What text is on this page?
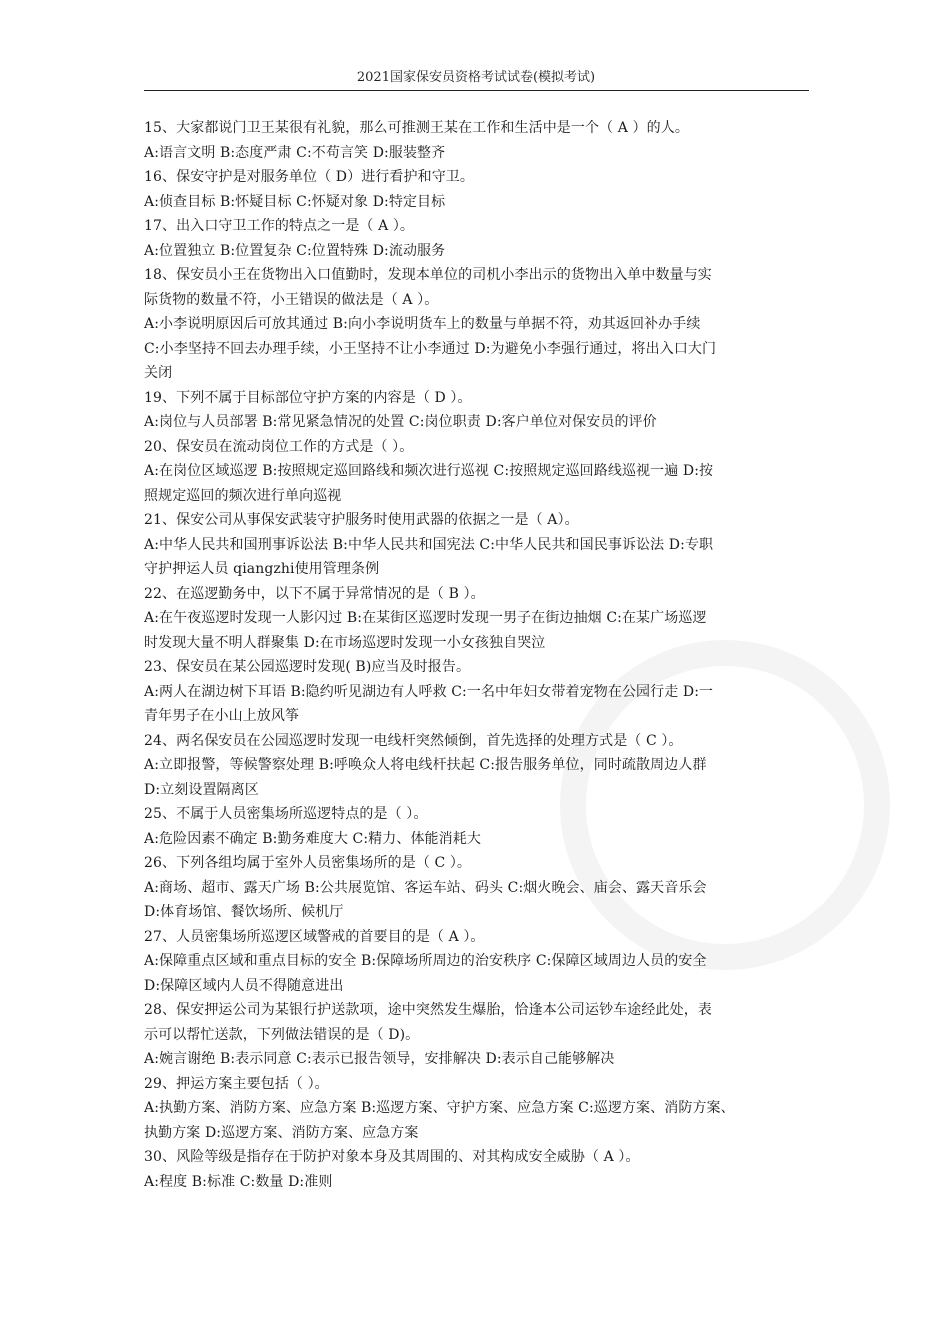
2021国家保安员资格考试试卷(模拟考试)
15、大家都说门卫王某很有礼貌，那么可推测王某在工作和生活中是一个（ A ）的人。
A:语言文明 B:态度严肃 C:不苟言笑 D:服装整齐
16、保安守护是对服务单位（ D）进行看护和守卫。
A:侦查目标 B:怀疑目标 C:怀疑对象 D:特定目标
17、出入口守卫工作的特点之一是（ A ）。
A:位置独立 B:位置复杂 C:位置特殊 D:流动服务
18、保安员小王在货物出入口值勤时，发现本单位的司机小李出示的货物出入单中数量与实
际货物的数量不符，小王错误的做法是（ A ）。
A:小李说明原因后可放其通过 B:向小李说明货车上的数量与单据不符，劝其返回补办手续
C:小李坚持不回去办理手续，小王坚持不让小李通过 D:为避免小李强行通过，将出入口大门
关闭
19、下列不属于目标部位守护方案的内容是（ D ）。
A:岗位与人员部署 B:常见紧急情况的处置 C:岗位职责 D:客户单位对保安员的评价
20、保安员在流动岗位工作的方式是（ ）。
A:在岗位区域巡逻 B:按照规定巡回路线和频次进行巡视 C:按照规定巡回路线巡视一遍 D:按
照规定巡回的频次进行单向巡视
21、保安公司从事保安武装守护服务时使用武器的依据之一是（ A）。
A:中华人民共和国刑事诉讼法 B:中华人民共和国宪法 C:中华人民共和国民事诉讼法 D:专职
守护押运人员 qiangzhi使用管理条例
22、在巡逻勤务中，以下不属于异常情况的是（ B ）。
A:在午夜巡逻时发现一人影闪过 B:在某街区巡逻时发现一男子在街边抽烟 C:在某广场巡逻
时发现大量不明人群聚集 D:在市场巡逻时发现一小女孩独自哭泣
23、保安员在某公园巡逻时发现( B)应当及时报告。
A:两人在湖边树下耳语 B:隐约听见湖边有人呼救 C:一名中年妇女带着宠物在公园行走 D:一
青年男子在小山上放风筝
24、两名保安员在公园巡逻时发现一电线杆突然倾倒，首先选择的处理方式是（ C ）。
A:立即报警，等候警察处理 B:呼唤众人将电线杆扶起 C:报告服务单位，同时疏散周边人群
D:立刻设置隔离区
25、不属于人员密集场所巡逻特点的是（ ）。
A:危险因素不确定 B:勤务难度大 C:精力、体能消耗大
26、下列各组均属于室外人员密集场所的是（ C ）。
A:商场、超市、露天广场 B:公共展览馆、客运车站、码头 C:烟火晚会、庙会、露天音乐会
D:体育场馆、餐饮场所、候机厅
27、人员密集场所巡逻区域警戒的首要目的是（ A ）。
A:保障重点区域和重点目标的安全 B:保障场所周边的治安秩序 C:保障区域周边人员的安全
D:保障区域内人员不得随意进出
28、保安押运公司为某银行护送款项，途中突然发生爆胎，恰逢本公司运钞车途经此处，表
示可以帮忙送款，下列做法错误的是（ D)。
A:婉言谢绝 B:表示同意 C:表示已报告领导，安排解决 D:表示自己能够解决
29、押运方案主要包括（ ）。
A:执勤方案、消防方案、应急方案 B:巡逻方案、守护方案、应急方案 C:巡逻方案、消防方案、
执勤方案 D:巡逻方案、消防方案、应急方案
30、风险等级是指存在于防护对象本身及其周围的、对其构成安全威胁（ A ）。
A:程度 B:标准 C:数量 D:准则
